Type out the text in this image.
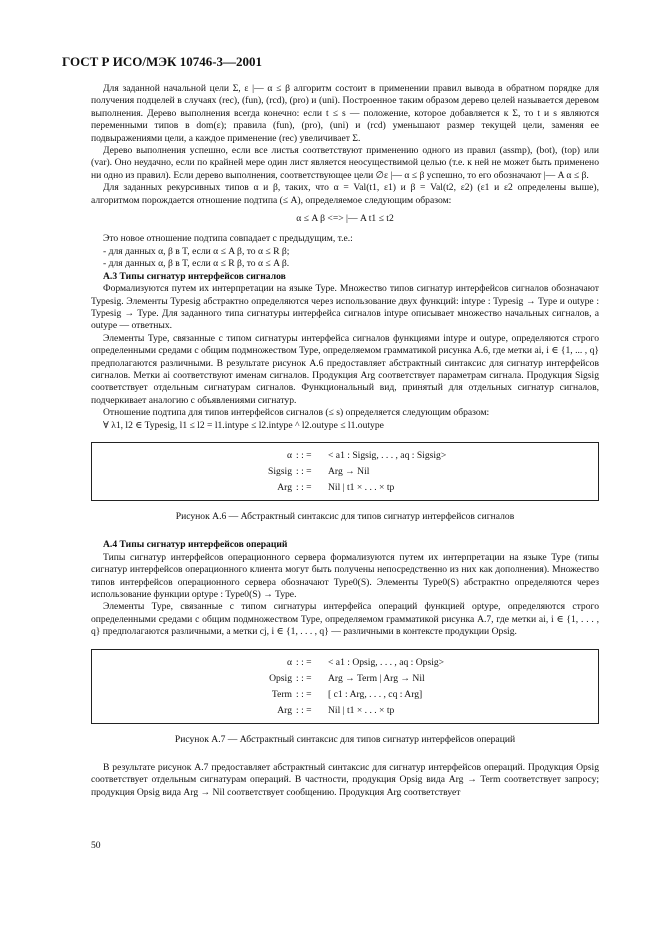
ГОСТ Р ИСО/МЭК 10746-3—2001

Для заданной начальной цели Σ, ε |— α ≤ β алгоритм состоит в применении правил вывода в обратном порядке для получения подцелей в случаях (rec), (fun), (rcd), (pro) и (uni). Построенное таким образом дерево целей называется деревом выполнения. Дерево выполнения всегда конечно: если t ≤ s — положение, которое добавляется к Σ, то t и s являются переменными типов в dom(ε); правила (fun), (pro), (uni) и (rcd) уменьшают размер текущей цели, заменяя ее подвыражениями цели, а каждое применение (rec) увеличивает Σ.

Дерево выполнения успешно, если все листья соответствуют применению одного из правил (assmp), (bot), (top) или (var). Оно неудачно, если по крайней мере один лист является неосуществимой целью (т.е. к ней не может быть применено ни одно из правил). Если дерево выполнения, соответствующее цели ∅ε |— α ≤ β успешно, то его обозначают |— A α ≤ β.

Для заданных рекурсивных типов α и β, таких, что α = Val(t1, ε1) и β = Val(t2, ε2) (ε1 и ε2 определены выше), алгоритмом порождается отношение подтипа (≤ A), определяемое следующим образом:

α ≤ A β <=> |— A t1 ≤ t2

Это новое отношение подтипа совпадает с предыдущим, т.е.:

- для данных α, β в T, если α ≤ A β, то α ≤ R β;

- для данных α, β в T, если α ≤ R β, то α ≤ A β.

А.3 Типы сигнатур интерфейсов сигналов

Формализуются путем их интерпретации на языке Type. Множество типов сигнатур интерфейсов сигналов обозначают Typesig. Элементы Typesig абстрактно определяются через использование двух функций: intype : Typesig → Type и outype : Typesig → Type. Для заданного типа сигнатуры интерфейса сигналов intype описывает множество начальных сигналов, а outype — ответных.

Элементы Type, связанные с типом сигнатуры интерфейса сигналов функциями intype и outype, определяются строго определенными средами с общим подмножеством Type, определяемом грамматикой рисунка А.6, где метки ai, i ∈ {1, ... , q} предполагаются различными. В результате рисунок А.6 предоставляет абстрактный синтаксис для сигнатур интерфейсов сигналов. Метки ai соответствуют именам сигналов. Продукция Arg соответствует параметрам сигнала. Продукция Sigsig соответствует отдельным сигнатурам сигналов. Функциональный вид, принятый для отдельных сигнатур сигналов, подчеркивает аналогию с объявлениями сигнатур.

Отношение подтипа для типов интерфейсов сигналов (≤ s) определяется следующим образом:

∀ λ1, l2 ∈ Typesig, l1 ≤ l2 = l1.intype ≤ l2.intype ^ l2.outype ≤ l1.outype

α : : =	< a1 : Sigsig, . . . , aq : Sigsig>
Sigsig : : =	Arg → Nil
Arg : : =	Nil | t1 × . . . × tp
Рисунок А.6 — Абстрактный синтаксис для типов сигнатур интерфейсов сигналов

А.4 Типы сигнатур интерфейсов операций

Типы сигнатур интерфейсов операционного сервера формализуются путем их интерпретации на языке Type (типы сигнатур интерфейсов операционного клиента могут быть получены непосредственно из них как дополнения). Множество типов интерфейсов операционного сервера обозначают Type0(S). Элементы Type0(S) абстрактно определяются через использование функции optype : Type0(S) → Type.

Элементы Type, связанные с типом сигнатуры интерфейса операций функцией optype, определяются строго определенными средами с общим подмножеством Type, определяемом грамматикой рисунка А.7, где метки ai, i ∈ {1, . . . , q} предполагаются различными, а метки cj, i ∈ {1, . . . , q} — различными в контексте продукции Opsig.

α : : =	< a1 : Opsig, . . . , aq : Opsig>
Opsig : : =	Arg → Term | Arg → Nil
Term : : =	[ c1 : Arg, . . . , cq : Arg]
Arg : : =	Nil | t1 × . . . × tp
Рисунок А.7 — Абстрактный синтаксис для типов сигнатур интерфейсов операций

В результате рисунок А.7 предоставляет абстрактный синтаксис для сигнатур интерфейсов операций. Продукция Opsig соответствует отдельным сигнатурам операций. В частности, продукция Opsig вида Arg → Term соответствует запросу; продукция Opsig вида Arg → Nil соответствует сообщению. Продукция Arg соответствует

50
